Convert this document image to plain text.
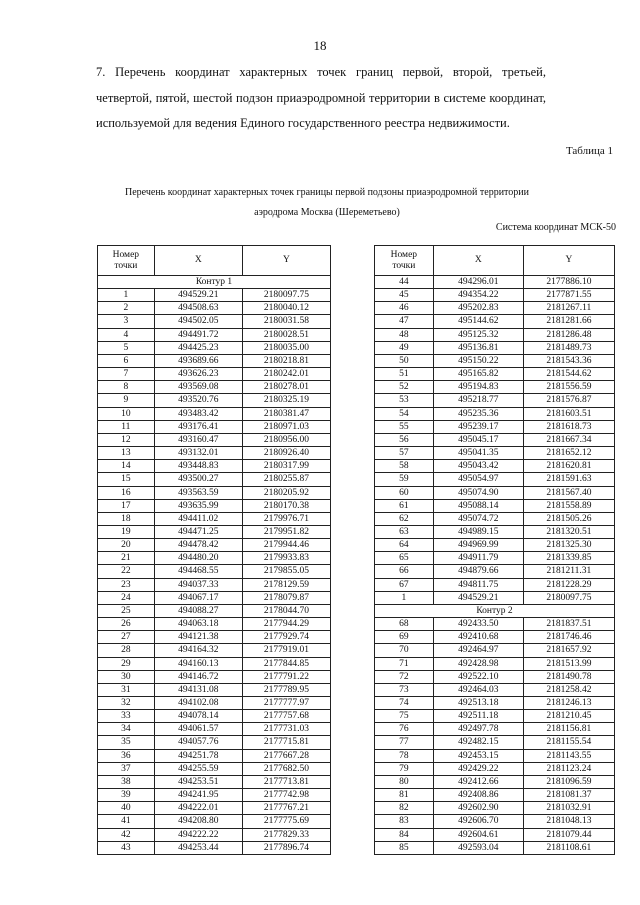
18
7. Перечень координат характерных точек границ первой, второй, третьей,
четвертой, пятой, шестой подзон приаэродромной территории в системе координат,
используемой для ведения Единого государственного реестра недвижимости.
Таблица 1
Перечень координат характерных точек границы первой подзоны приаэродромной территории
аэродрома Москва (Шереметьево)
Система координат МСК-50
Номер
точки	X	Y
Контур 1		
1	494529.21	2180097.75
2	494508.63	2180040.12
3	494502.05	2180031.58
4	494491.72	2180028.51
5	494425.23	2180035.00
6	493689.66	2180218.81
7	493626.23	2180242.01
8	493569.08	2180278.01
9	493520.76	2180325.19
10	493483.42	2180381.47
11	493176.41	2180971.03
12	493160.47	2180956.00
13	493132.01	2180926.40
14	493448.83	2180317.99
15	493500.27	2180255.87
16	493563.59	2180205.92
17	493635.99	2180170.38
18	494411.02	2179976.71
19	494471.25	2179951.82
20	494478.42	2179944.46
21	494480.20	2179933.83
22	494468.55	2179855.05
23	494037.33	2178129.59
24	494067.17	2178079.87
25	494088.27	2178044.70
26	494063.18	2177944.29
27	494121.38	2177929.74
28	494164.32	2177919.01
29	494160.13	2177844.85
30	494146.72	2177791.22
31	494131.08	2177789.95
32	494102.08	2177777.97
33	494078.14	2177757.68
34	494061.57	2177731.03
35	494057.76	2177715.81
36	494251.78	2177667.28
37	494255.59	2177682.50
38	494253.51	2177713.81
39	494241.95	2177742.98
40	494222.01	2177767.21
41	494208.80	2177775.69
42	494222.22	2177829.33
43	494253.44	2177896.74
Номер
точки	X	Y
44	494296.01	2177886.10
45	494354.22	2177871.55
46	495202.83	2181267.11
47	495144.62	2181281.66
48	495125.32	2181286.48
49	495136.81	2181489.73
50	495150.22	2181543.36
51	495165.82	2181544.62
52	495194.83	2181556.59
53	495218.77	2181576.87
54	495235.36	2181603.51
55	495239.17	2181618.73
56	495045.17	2181667.34
57	495041.35	2181652.12
58	495043.42	2181620.81
59	495054.97	2181591.63
60	495074.90	2181567.40
61	495088.14	2181558.89
62	495074.72	2181505.26
63	494989.15	2181320.51
64	494969.99	2181325.30
65	494911.79	2181339.85
66	494879.66	2181211.31
67	494811.75	2181228.29
1	494529.21	2180097.75
Контур 2		
68	492433.50	2181837.51
69	492410.68	2181746.46
70	492464.97	2181657.92
71	492428.98	2181513.99
72	492522.10	2181490.78
73	492464.03	2181258.42
74	492513.18	2181246.13
75	492511.18	2181210.45
76	492497.78	2181156.81
77	492482.15	2181155.54
78	492453.15	2181143.55
79	492429.22	2181123.24
80	492412.66	2181096.59
81	492408.86	2181081.37
82	492602.90	2181032.91
83	492606.70	2181048.13
84	492604.61	2181079.44
85	492593.04	2181108.61
